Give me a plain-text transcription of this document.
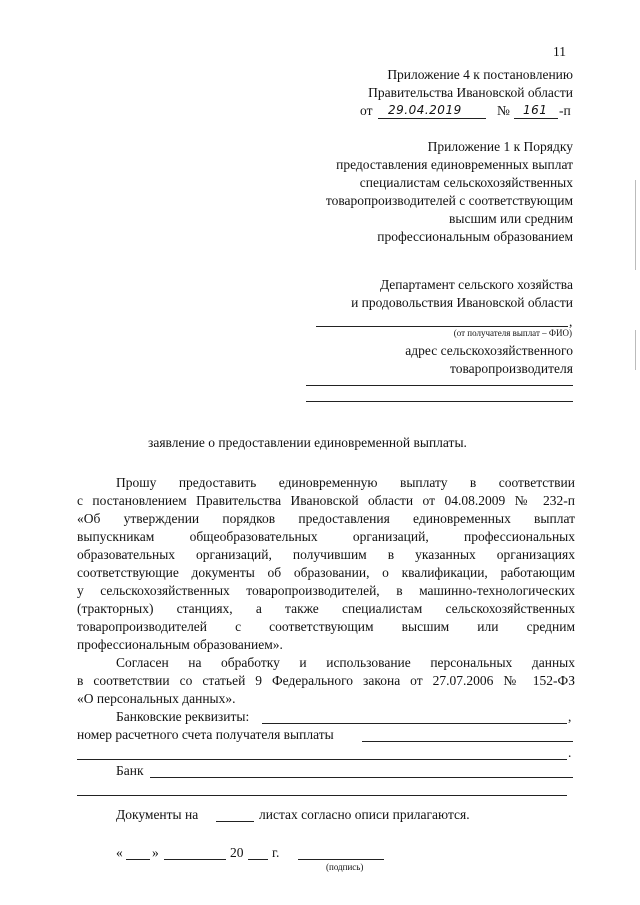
11
Приложение 4 к постановлению
Правительства Ивановской области
от 29.04.2019	№ 161 -п
Приложение 1 к Порядку
предоставления единовременных выплат
специалистам сельскохозяйственных
товаропроизводителей с соответствующим
высшим или средним
профессиональным образованием
Департамент сельского хозяйства
и продовольствия Ивановской области
,
(от получателя выплат – ФИО)
адрес сельскохозяйственного
товаропроизводителя
заявление о предоставлении единовременной выплаты.
Прошу предоставить единовременную выплату в соответствии
с постановлением Правительства Ивановской области от 04.08.2009 № 232-п
«Об утверждении порядков предоставления единовременных выплат
выпускникам общеобразовательных организаций, профессиональных
образовательных организаций, получившим в указанных организациях
соответствующие документы об образовании, о квалификации, работающим
у сельскохозяйственных товаропроизводителей, в машинно-технологических
(тракторных) станциях, а также специалистам сельскохозяйственных
товаропроизводителей с соответствующим высшим или средним
профессиональным образованием».
Согласен на обработку и использование персональных данных
в соответствии со статьей 9 Федерального закона от 27.07.2006 № 152-ФЗ
«О персональных данных».
Банковские реквизиты:	,
номер расчетного счета получателя выплаты
.
Банк
Документы на	листах согласно описи прилагаются.
« »	20 г.
(подпись)
